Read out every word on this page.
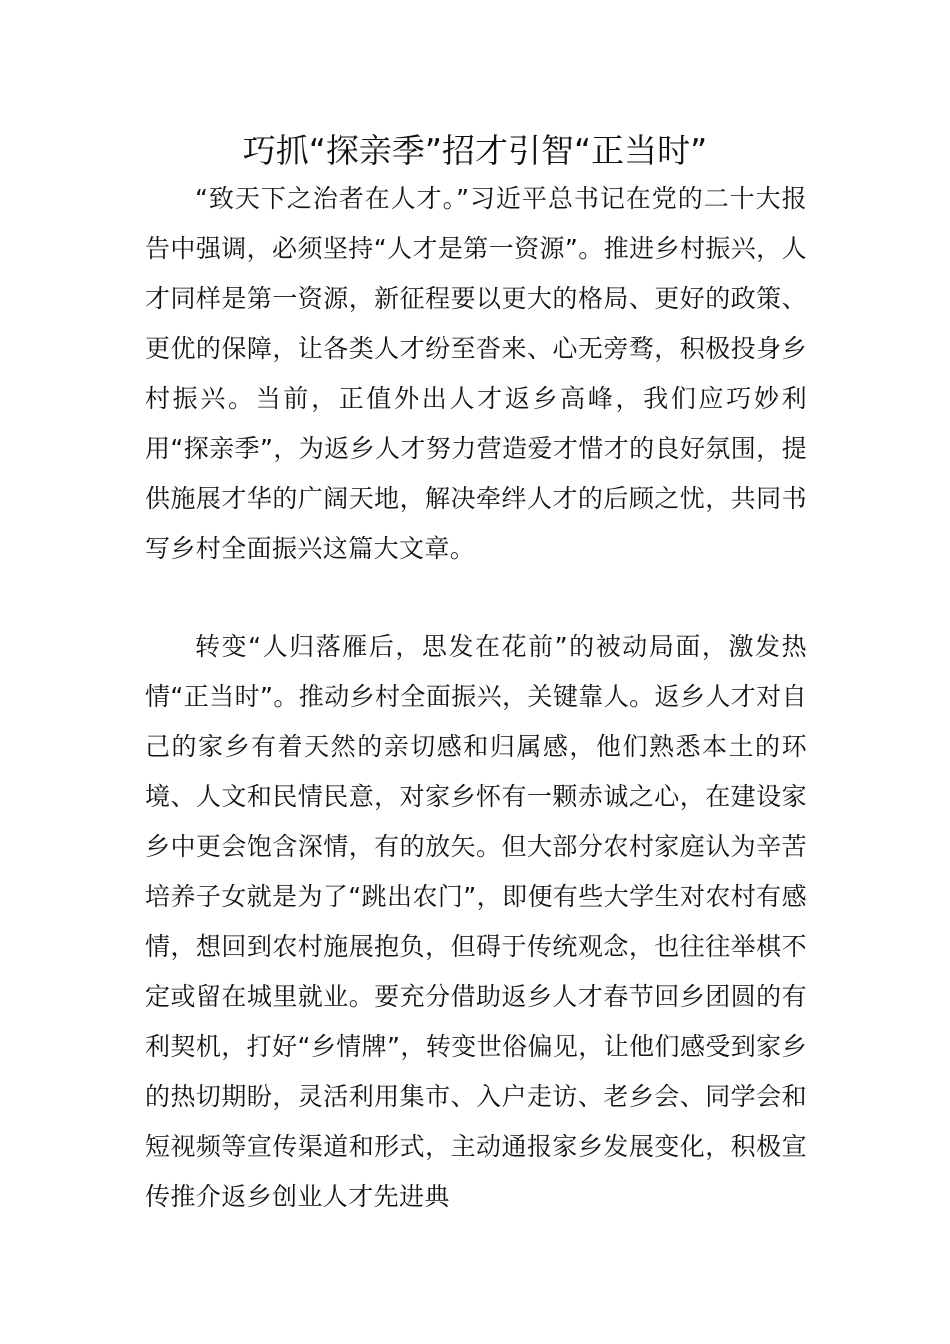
巧抓“探亲季”招才引智“正当时”

“致天下之治者在人才。”习近平总书记在党的二十大报告中强调，必须坚持“人才是第一资源”。推进乡村振兴，人才同样是第一资源，新征程要以更大的格局、更好的政策、更优的保障，让各类人才纷至沓来、心无旁骛，积极投身乡村振兴。当前，正值外出人才返乡高峰，我们应巧妙利用“探亲季”，为返乡人才努力营造爱才惜才的良好氛围，提供施展才华的广阔天地，解决牵绊人才的后顾之忧，共同书写乡村全面振兴这篇大文章。

转变“人归落雁后，思发在花前”的被动局面，激发热情“正当时”。推动乡村全面振兴，关键靠人。返乡人才对自己的家乡有着天然的亲切感和归属感，他们熟悉本土的环境、人文和民情民意，对家乡怀有一颗赤诚之心，在建设家乡中更会饱含深情，有的放矢。但大部分农村家庭认为辛苦培养子女就是为了“跳出农门”，即便有些大学生对农村有感情，想回到农村施展抱负，但碍于传统观念，也往往举棋不定或留在城里就业。要充分借助返乡人才春节回乡团圆的有利契机，打好“乡情牌”，转变世俗偏见，让他们感受到家乡的热切期盼，灵活利用集市、入户走访、老乡会、同学会和短视频等宣传渠道和形式，主动通报家乡发展变化，积极宣传推介返乡创业人才先进典
